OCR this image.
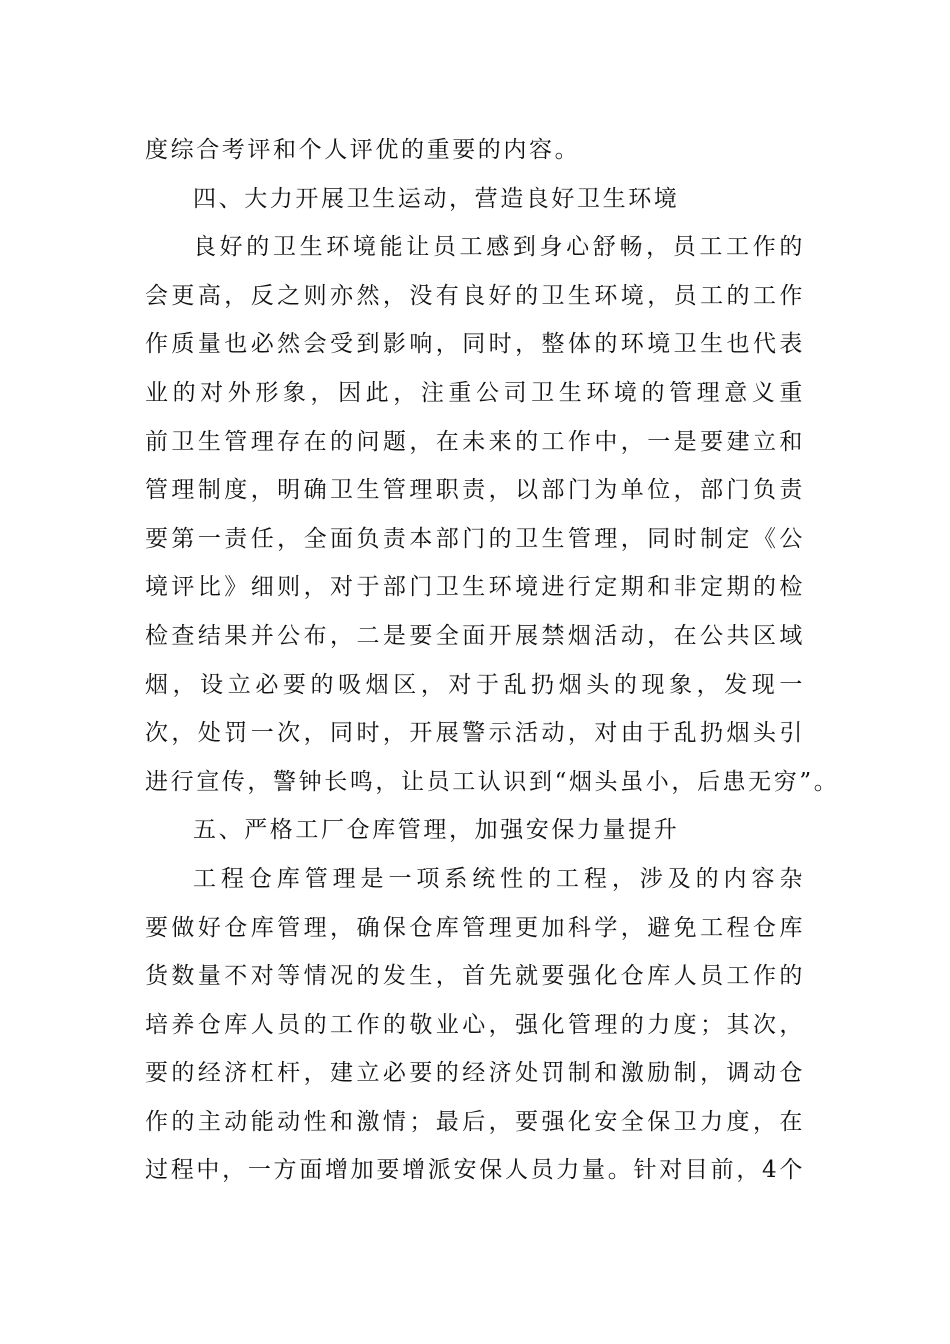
度综合考评和个人评优的重要的内容。
四、大力开展卫生运动，营造良好卫生环境
良好的卫生环境能让员工感到身心舒畅，员工工作的
会更高，反之则亦然，没有良好的卫生环境，员工的工作
作质量也必然会受到影响，同时，整体的环境卫生也代表
业的对外形象，因此，注重公司卫生环境的管理意义重
前卫生管理存在的问题，在未来的工作中，一是要建立和
管理制度，明确卫生管理职责，以部门为单位，部门负责
要第一责任，全面负责本部门的卫生管理，同时制定《公
境评比》细则，对于部门卫生环境进行定期和非定期的检
检查结果并公布，二是要全面开展禁烟活动，在公共区域
烟，设立必要的吸烟区，对于乱扔烟头的现象，发现一
次，处罚一次，同时，开展警示活动，对由于乱扔烟头引
进行宣传，警钟长鸣，让员工认识到“烟头虽小，后患无穷”。
五、严格工厂仓库管理，加强安保力量提升
工程仓库管理是一项系统性的工程，涉及的内容杂
要做好仓库管理，确保仓库管理更加科学，避免工程仓库
货数量不对等情况的发生，首先就要强化仓库人员工作的
培养仓库人员的工作的敬业心，强化管理的力度；其次，
要的经济杠杆，建立必要的经济处罚制和激励制，调动仓
作的主动能动性和激情；最后，要强化安全保卫力度，在
过程中，一方面增加要增派安保人员力量。针对目前，4个
